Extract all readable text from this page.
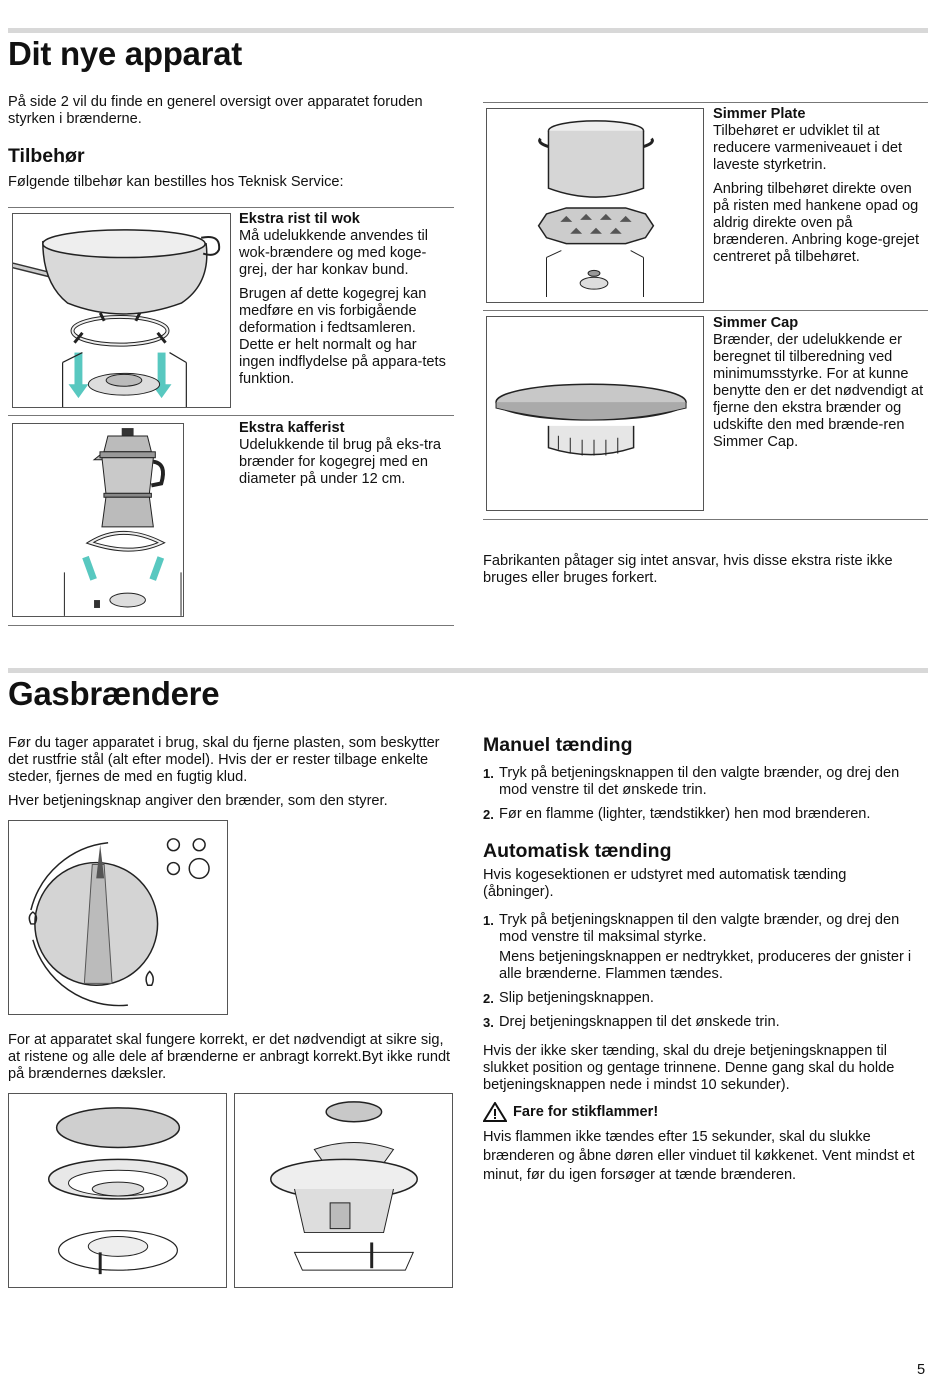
Dit nye apparat

På side 2 vil du finde en generel oversigt over apparatet foruden styrken i brænderne.

Tilbehør

Følgende tilbehør kan bestilles hos Teknisk Service:

Ekstra rist til wok

Må udelukkende anvendes til wok-brændere og med koge-grej, der har konkav bund.

Brugen af dette kogegrej kan medføre en vis forbigående deformation i fedtsamleren. Dette er helt normalt og har ingen indflydelse på appara-tets funktion.

Ekstra kafferist

Udelukkende til brug på eks-tra brænder for kogegrej med en diameter på under 12 cm.

Simmer Plate

Tilbehøret er udviklet til at reducere varmeniveauet i det laveste styrketrin.

Anbring tilbehøret direkte oven på risten med hankene opad og aldrig direkte oven på brænderen. Anbring koge-grejet centreret på tilbehøret.

Simmer Cap

Brænder, der udelukkende er beregnet til tilberedning ved minimumsstyrke. For at kunne benytte den er det nødvendigt at fjerne den ekstra brænder og udskifte den med brænde-ren Simmer Cap.

Fabrikanten påtager sig intet ansvar, hvis disse ekstra riste ikke bruges eller bruges forkert.

Gasbrændere

Før du tager apparatet i brug, skal du fjerne plasten, som beskytter det rustfrie stål (alt efter model). Hvis der er rester tilbage enkelte steder, fjernes de med en fugtig klud.

Hver betjeningsknap angiver den brænder, som den styrer.

For at apparatet skal fungere korrekt, er det nødvendigt at sikre sig, at ristene og alle dele af brænderne er anbragt korrekt.Byt ikke rundt på brændernes dæksler.

Manuel tænding
1. Tryk på betjeningsknappen til den valgte brænder, og drej den mod venstre til det ønskede trin.
2. Før en flamme (lighter, tændstikker) hen mod brænderen.
Automatisk tænding

Hvis kogesektionen er udstyret med automatisk tænding (åbninger).

1. Tryk på betjeningsknappen til den valgte brænder, og drej den mod venstre til maksimal styrke.

Mens betjeningsknappen er nedtrykket, produceres der gnister i alle brænderne. Flammen tændes.

2. Slip betjeningsknappen.
3. Drej betjeningsknappen til det ønskede trin.

Hvis der ikke sker tænding, skal du dreje betjeningsknappen til slukket position og gentage trinnene. Denne gang skal du holde betjeningsknappen nede i mindst 10 sekunder).

Fare for stikflammer!

Hvis flammen ikke tændes efter 15 sekunder, skal du slukke brænderen og åbne døren eller vinduet til køkkenet. Vent mindst et minut, før du igen forsøger at tænde brænderen.

5
